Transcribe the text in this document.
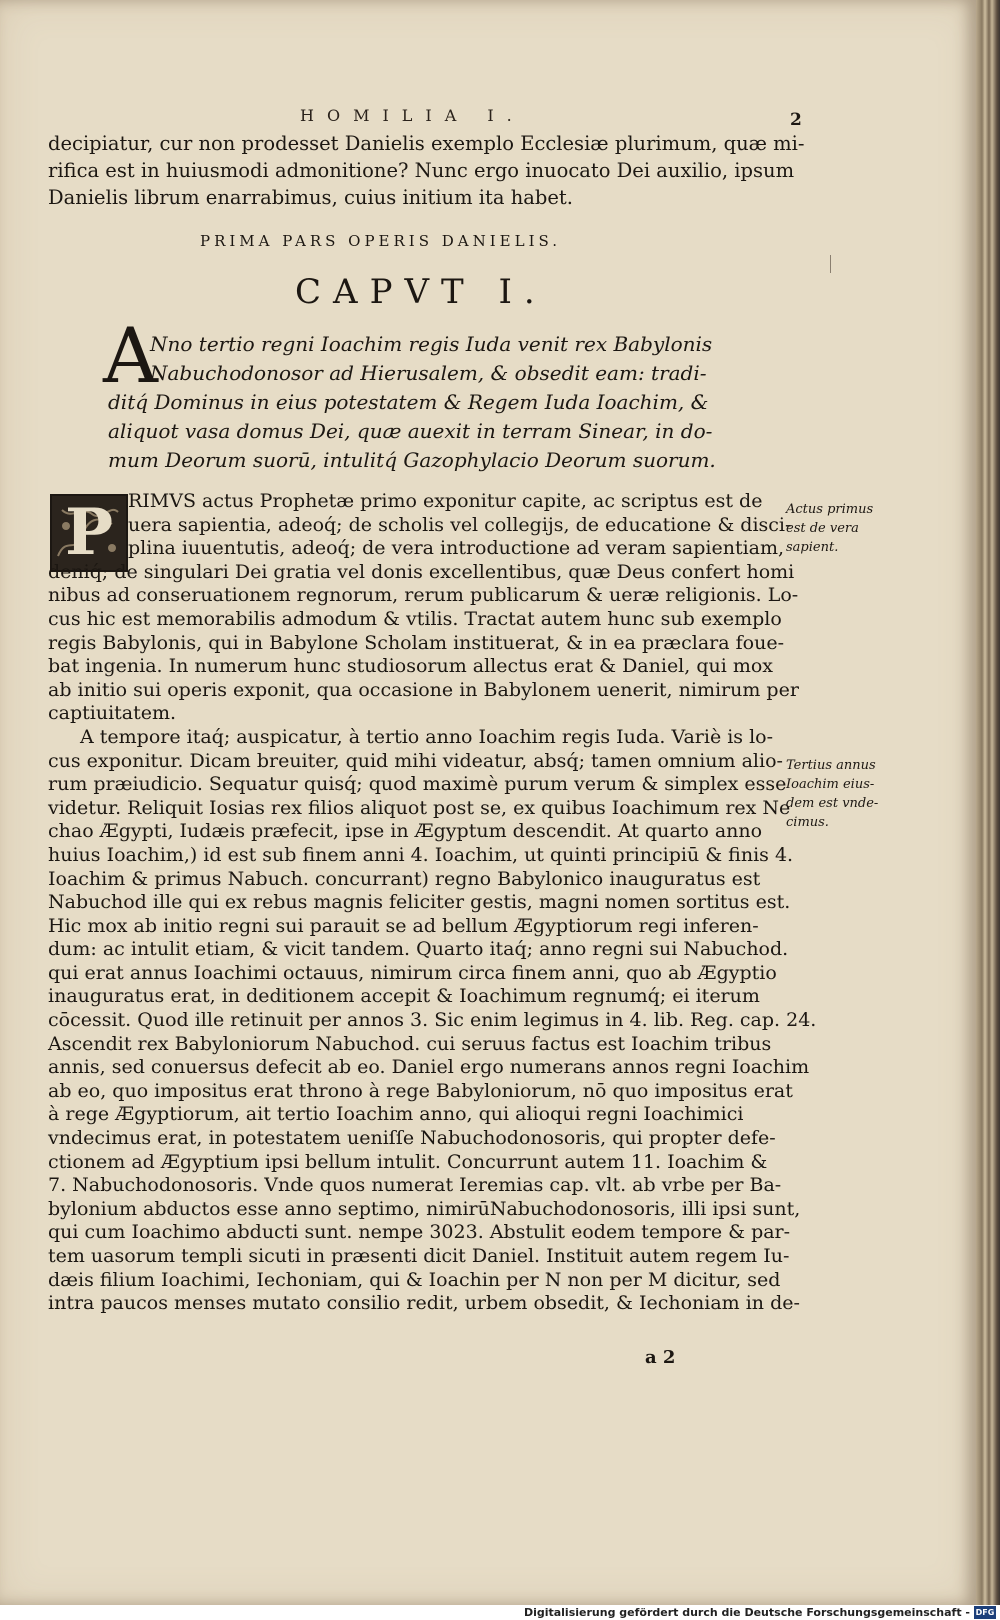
HOMILIA I.	2
decipiatur, cur non prodesset Danielis exemplo Ecclesiæ plurimum, quæ mi-
rifica est in huiusmodi admonitione? Nunc ergo inuocato Dei auxilio, ipsum
Danielis librum enarrabimus, cuius initium ita habet.
PRIMA PARS OPERIS DANIELIS.
CAPVT I.
A
Nno tertio regni Ioachim regis Iuda venit rex Babylonis
Nabuchodonosor ad Hierusalem, & obsedit eam: tradi-
ditq́ Dominus in eius potestatem & Regem Iuda Ioachim, &
aliquot vasa domus Dei, quæ auexit in terram Sinear, in do-
mum Deorum suorū, intulitq́ Gazophylacio Deorum suorum.
P RIMVS actus Prophetæ primo exponitur capite, ac scriptus est de
uera sapientia, adeoq́; de scholis vel collegijs, de educatione & disci-
plina iuuentutis, adeoq́; de vera introductione ad veram sapientiam,
deniq́; de singulari Dei gratia vel donis excellentibus, quæ Deus confert homi
nibus ad conseruationem regnorum, rerum publicarum & ueræ religionis. Lo-
cus hic est memorabilis admodum & vtilis. Tractat autem hunc sub exemplo
regis Babylonis, qui in Babylone Scholam instituerat, & in ea præclara foue-
bat ingenia. In numerum hunc studiosorum allectus erat & Daniel, qui mox
ab initio sui operis exponit, qua occasione in Babylonem uenerit, nimirum per
captiuitatem.
A tempore itaq́; auspicatur, à tertio anno Ioachim regis Iuda. Variè is lo-
cus exponitur. Dicam breuiter, quid mihi videatur, absq́; tamen omnium alio-
rum præiudicio. Sequatur quisq́; quod maximè purum verum & simplex esse
videtur. Reliquit Iosias rex filios aliquot post se, ex quibus Ioachimum rex Ne
chao Ægypti, Iudæis præfecit, ipse in Ægyptum descendit. At quarto anno
huius Ioachim,) id est sub finem anni 4. Ioachim, ut quinti principiū & finis 4.
Ioachim & primus Nabuch. concurrant) regno Babylonico inauguratus est
Nabuchod ille qui ex rebus magnis feliciter gestis, magni nomen sortitus est.
Hic mox ab initio regni sui parauit se ad bellum Ægyptiorum regi inferen-
dum: ac intulit etiam, & vicit tandem. Quarto itaq́; anno regni sui Nabuchod.
qui erat annus Ioachimi octauus, nimirum circa finem anni, quo ab Ægyptio
inauguratus erat, in deditionem accepit & Ioachimum regnumq́; ei iterum
cōcessit. Quod ille retinuit per annos 3. Sic enim legimus in 4. lib. Reg. cap. 24.
Ascendit rex Babyloniorum Nabuchod. cui seruus factus est Ioachim tribus
annis, sed conuersus defecit ab eo. Daniel ergo numerans annos regni Ioachim
ab eo, quo impositus erat throno à rege Babyloniorum, nō quo impositus erat
à rege Ægyptiorum, ait tertio Ioachim anno, qui alioqui regni Ioachimici
vndecimus erat, in potestatem ueniſſe Nabuchodonosoris, qui propter defe-
ctionem ad Ægyptium ipsi bellum intulit. Concurrunt autem 11. Ioachim &
7. Nabuchodonosoris. Vnde quos numerat Ieremias cap. vlt. ab vrbe per Ba-
bylonium abductos esse anno septimo, nimirūNabuchodonosoris, illi ipsi sunt,
qui cum Ioachimo abducti sunt. nempe 3023. Abstulit eodem tempore & par-
tem uasorum templi sicuti in præsenti dicit Daniel. Instituit autem regem Iu-
dæis filium Ioachimi, Iechoniam, qui & Ioachin per N non per M dicitur, sed
intra paucos menses mutato consilio redit, urbem obsedit, & Iechoniam in de-
Actus primus
est de vera
sapient.
Tertius annus
Ioachim eius-
dem est vnde-
cimus.
a 2
Digitalisierung gefördert durch die Deutsche Forschungsgemeinschaft - DFG
